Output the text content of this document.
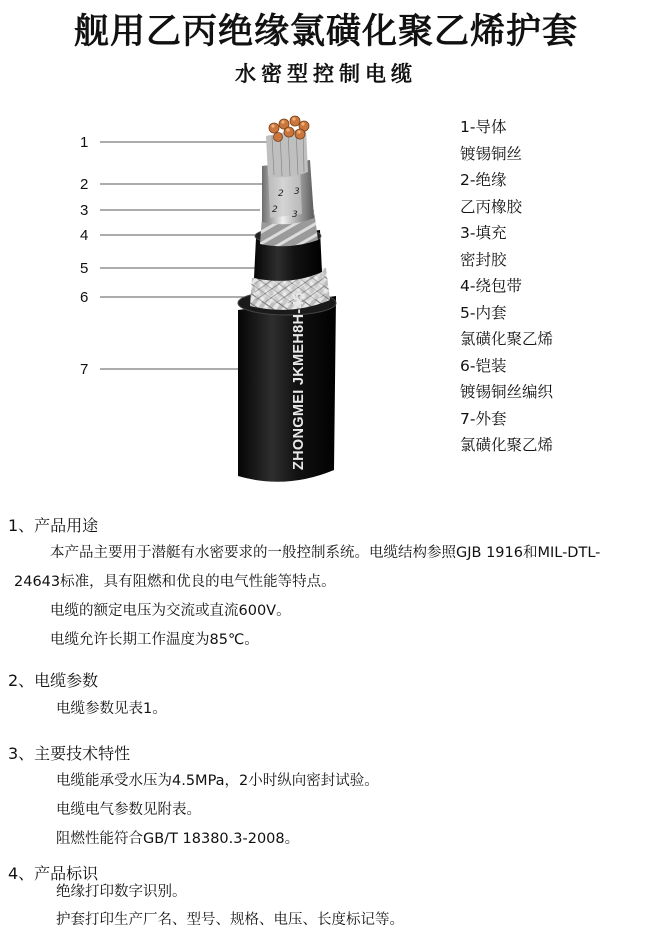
舰用乙丙绝缘氯磺化聚乙烯护套
水密型控制电缆
1
2
3
4
5
6
7
2 3
2 3
ZHONGMEI JKMEH8H-45
1-导体
镀锡铜丝
2-绝缘
乙丙橡胶
3-填充
密封胶
4-绕包带
5-内套
氯磺化聚乙烯
6-铠装
镀锡铜丝编织
7-外套
氯磺化聚乙烯
1、产品用途
本产品主要用于潜艇有水密要求的一般控制系统。电缆结构参照GJB 1916和MIL-DTL-
24643标准，具有阻燃和优良的电气性能等特点。
电缆的额定电压为交流或直流600V。
电缆允许长期工作温度为85℃。
2、电缆参数
电缆参数见表1。
3、主要技术特性
电缆能承受水压为4.5MPa，2小时纵向密封试验。
电缆电气参数见附表。
阻燃性能符合GB/T 18380.3-2008。
4、产品标识
绝缘打印数字识别。
护套打印生产厂名、型号、规格、电压、长度标记等。
